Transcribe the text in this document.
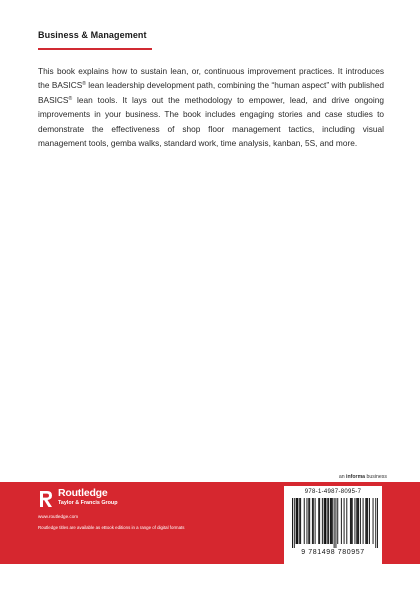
Business & Management

This book explains how to sustain lean, or, continuous improvement practices. It introduces the BASICS® lean leadership development path, combining the “human aspect” with published BASICS® lean tools. It lays out the methodology to empower, lead, and drive ongoing improvements in your business. The book includes engaging stories and case studies to demonstrate the effectiveness of shop floor management tactics, including visual management tools, gemba walks, standard work, time analysis, kanban, 5S, and more.

an informa business
Routledge
Taylor & Francis Group
www.routledge.com
Routledge titles are available as eBook editions in a range of digital formats
978-1-4987-8095-7
9 781498 780957
